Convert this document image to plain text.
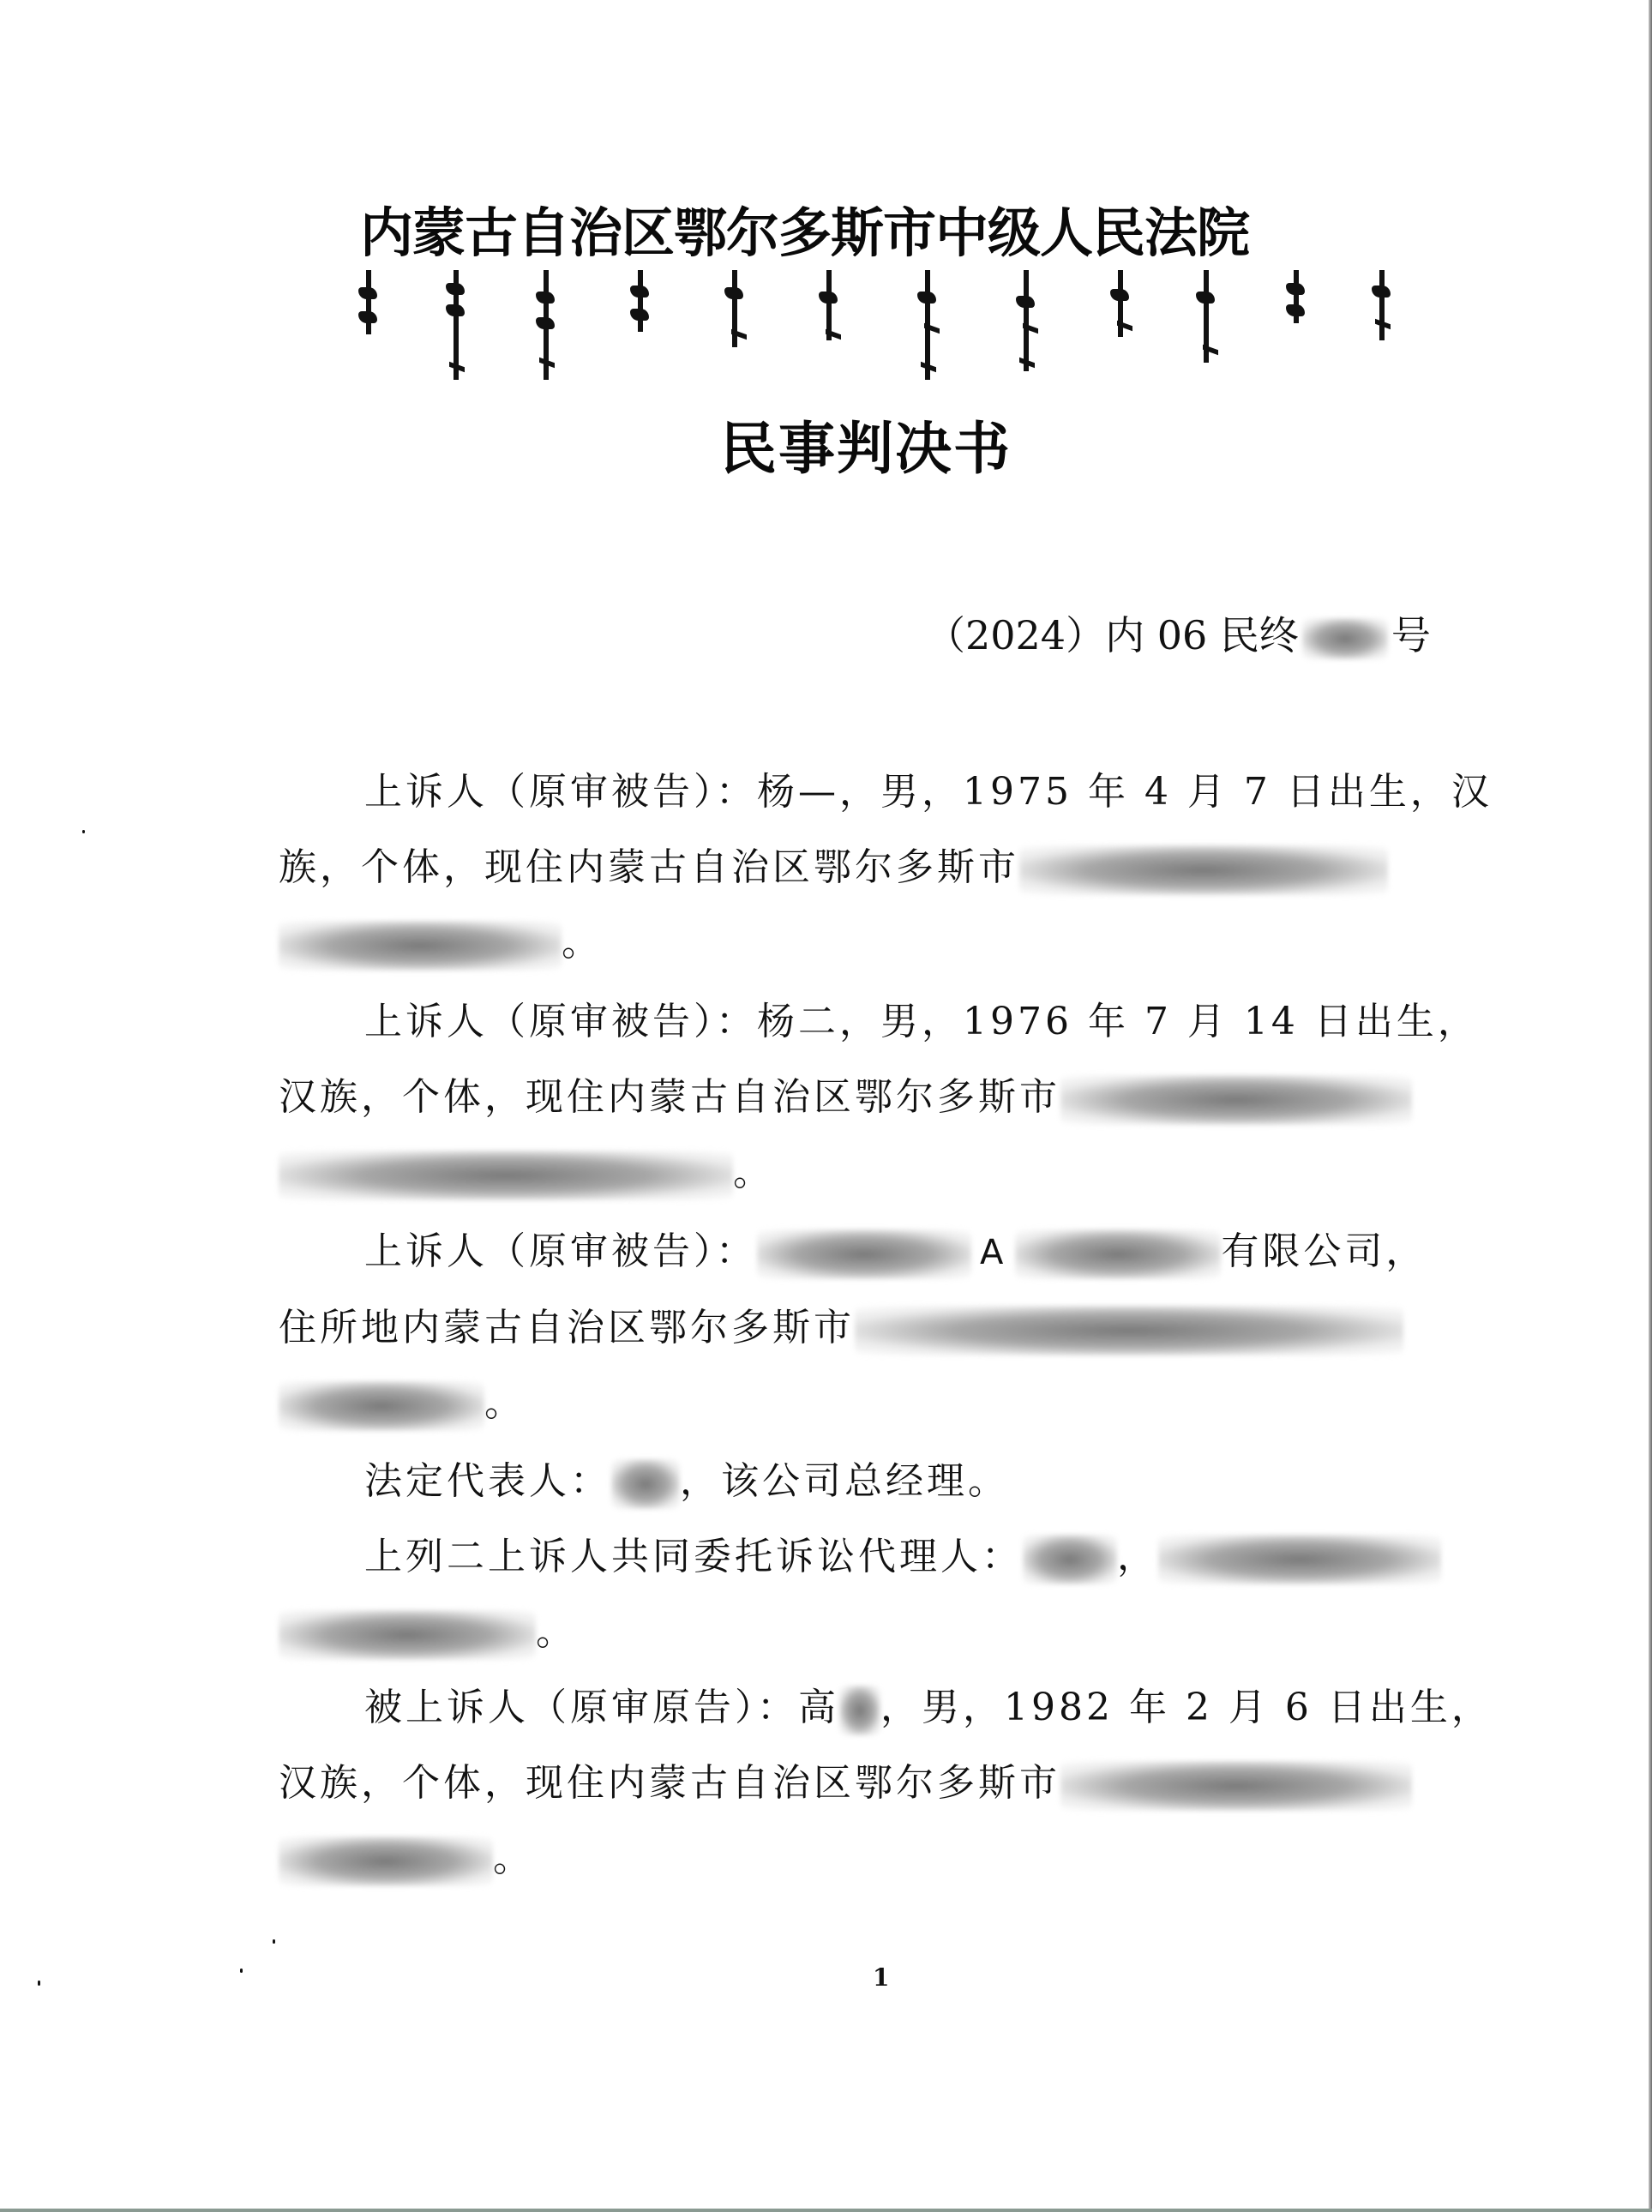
内蒙古自治区鄂尔多斯市中级人民法院
民事判决书
（2024）内 06 民终 号
上诉人（原审被告）：杨—，男，1975 年 4 月 7 日出生，汉
族，个体，现住内蒙古自治区鄂尔多斯市
。
上诉人（原审被告）：杨二，男，1976 年 7 月 14 日出生，
汉族，个体，现住内蒙古自治区鄂尔多斯市
。
上诉人（原审被告）：	A	有限公司，
住所地内蒙古自治区鄂尔多斯市
。
法定代表人： ，该公司总经理。
上列二上诉人共同委托诉讼代理人：	，
。
被上诉人（原审原告）：高 ，男，1982 年 2 月 6 日出生，
汉族，个体，现住内蒙古自治区鄂尔多斯市
。
1
